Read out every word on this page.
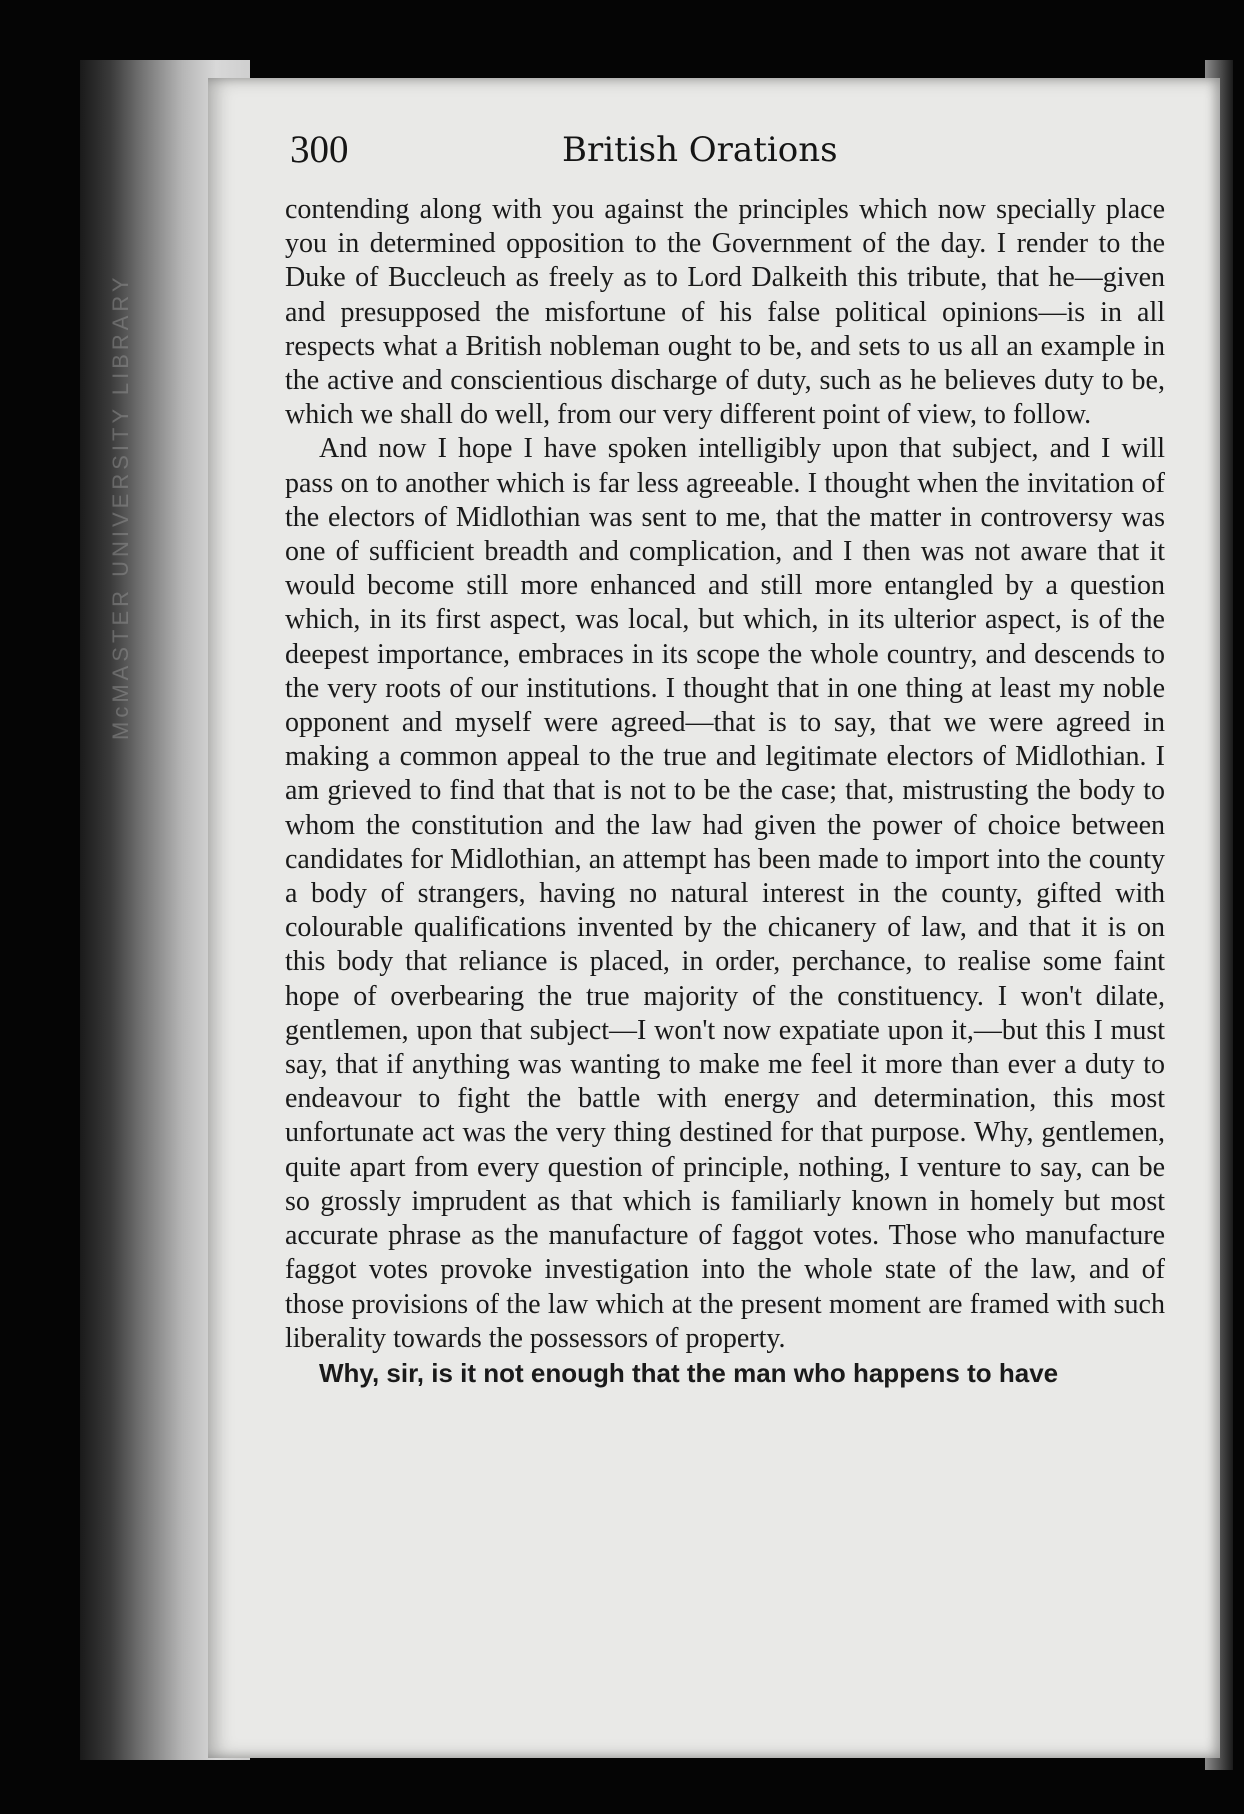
McMASTER UNIVERSITY LIBRARY
300	British Orations

contending along with you against the principles which now specially place you in determined opposition to the Government of the day. I render to the Duke of Buccleuch as freely as to Lord Dalkeith this tribute, that he—given and presupposed the misfortune of his false political opinions—is in all respects what a British nobleman ought to be, and sets to us all an example in the active and conscientious discharge of duty, such as he believes duty to be, which we shall do well, from our very different point of view, to follow.

And now I hope I have spoken intelligibly upon that subject, and I will pass on to another which is far less agreeable. I thought when the invitation of the electors of Midlothian was sent to me, that the matter in controversy was one of sufficient breadth and complication, and I then was not aware that it would become still more enhanced and still more entangled by a question which, in its first aspect, was local, but which, in its ulterior aspect, is of the deepest importance, embraces in its scope the whole country, and descends to the very roots of our institutions. I thought that in one thing at least my noble opponent and myself were agreed—that is to say, that we were agreed in making a common appeal to the true and legitimate electors of Midlothian. I am grieved to find that that is not to be the case; that, mistrusting the body to whom the constitution and the law had given the power of choice between candidates for Midlothian, an attempt has been made to import into the county a body of strangers, having no natural interest in the county, gifted with colourable qualifications invented by the chicanery of law, and that it is on this body that reliance is placed, in order, perchance, to realise some faint hope of overbearing the true majority of the constituency. I won't dilate, gentlemen, upon that subject—I won't now expatiate upon it,—but this I must say, that if anything was wanting to make me feel it more than ever a duty to endeavour to fight the battle with energy and determination, this most unfortunate act was the very thing destined for that purpose. Why, gentlemen, quite apart from every question of principle, nothing, I venture to say, can be so grossly imprudent as that which is familiarly known in homely but most accurate phrase as the manufacture of faggot votes. Those who manufacture faggot votes provoke investigation into the whole state of the law, and of those provisions of the law which at the present moment are framed with such liberality towards the possessors of property.

Why, sir, is it not enough that the man who happens to have
